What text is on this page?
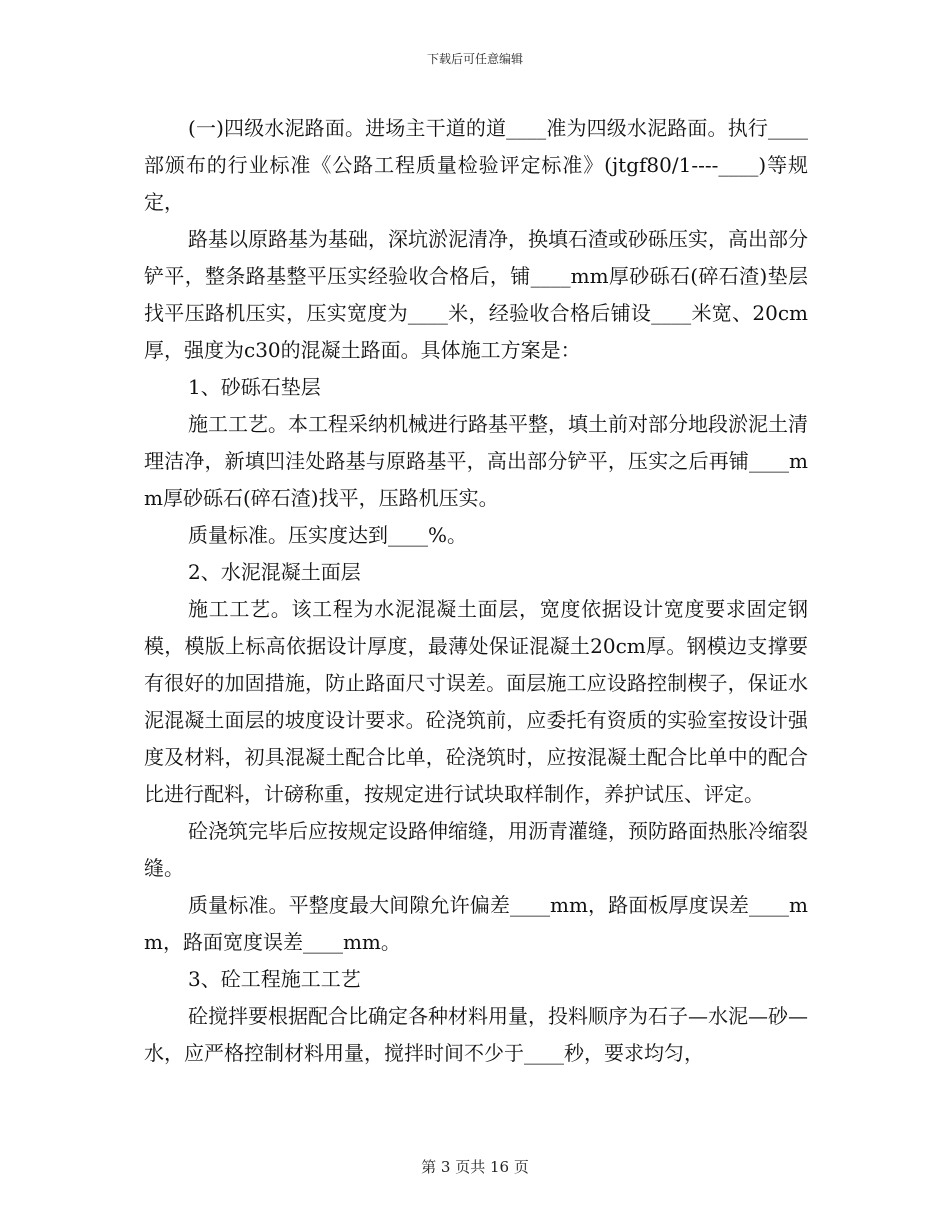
下载后可任意编辑

(一)四级水泥路面。进场主干道的道____准为四级水泥路面。执行____部颁布的行业标准《公路工程质量检验评定标准》(jtgf80/1----____)等规定，

路基以原路基为基础，深坑淤泥清净，换填石渣或砂砾压实，高出部分铲平，整条路基整平压实经验收合格后，铺____mm厚砂砾石(碎石渣)垫层找平压路机压实，压实宽度为____米，经验收合格后铺设____米宽、20cm厚，强度为c30的混凝土路面。具体施工方案是：

1、砂砾石垫层

施工工艺。本工程采纳机械进行路基平整，填土前对部分地段淤泥土清理洁净，新填凹洼处路基与原路基平，高出部分铲平，压实之后再铺____mm厚砂砾石(碎石渣)找平，压路机压实。

质量标准。压实度达到____%。

2、水泥混凝土面层

施工工艺。该工程为水泥混凝土面层，宽度依据设计宽度要求固定钢模，模版上标高依据设计厚度，最薄处保证混凝土20cm厚。钢模边支撑要有很好的加固措施，防止路面尺寸误差。面层施工应设路控制楔子，保证水泥混凝土面层的坡度设计要求。砼浇筑前，应委托有资质的实验室按设计强度及材料，初具混凝土配合比单，砼浇筑时，应按混凝土配合比单中的配合比进行配料，计磅称重，按规定进行试块取样制作，养护试压、评定。

砼浇筑完毕后应按规定设路伸缩缝，用沥青灌缝，预防路面热胀冷缩裂缝。

质量标准。平整度最大间隙允许偏差____mm，路面板厚度误差____mm，路面宽度误差____mm。

3、砼工程施工工艺

砼搅拌要根据配合比确定各种材料用量，投料顺序为石子—水泥—砂—水，应严格控制材料用量，搅拌时间不少于____秒，要求均匀，

第 3 页共 16 页
